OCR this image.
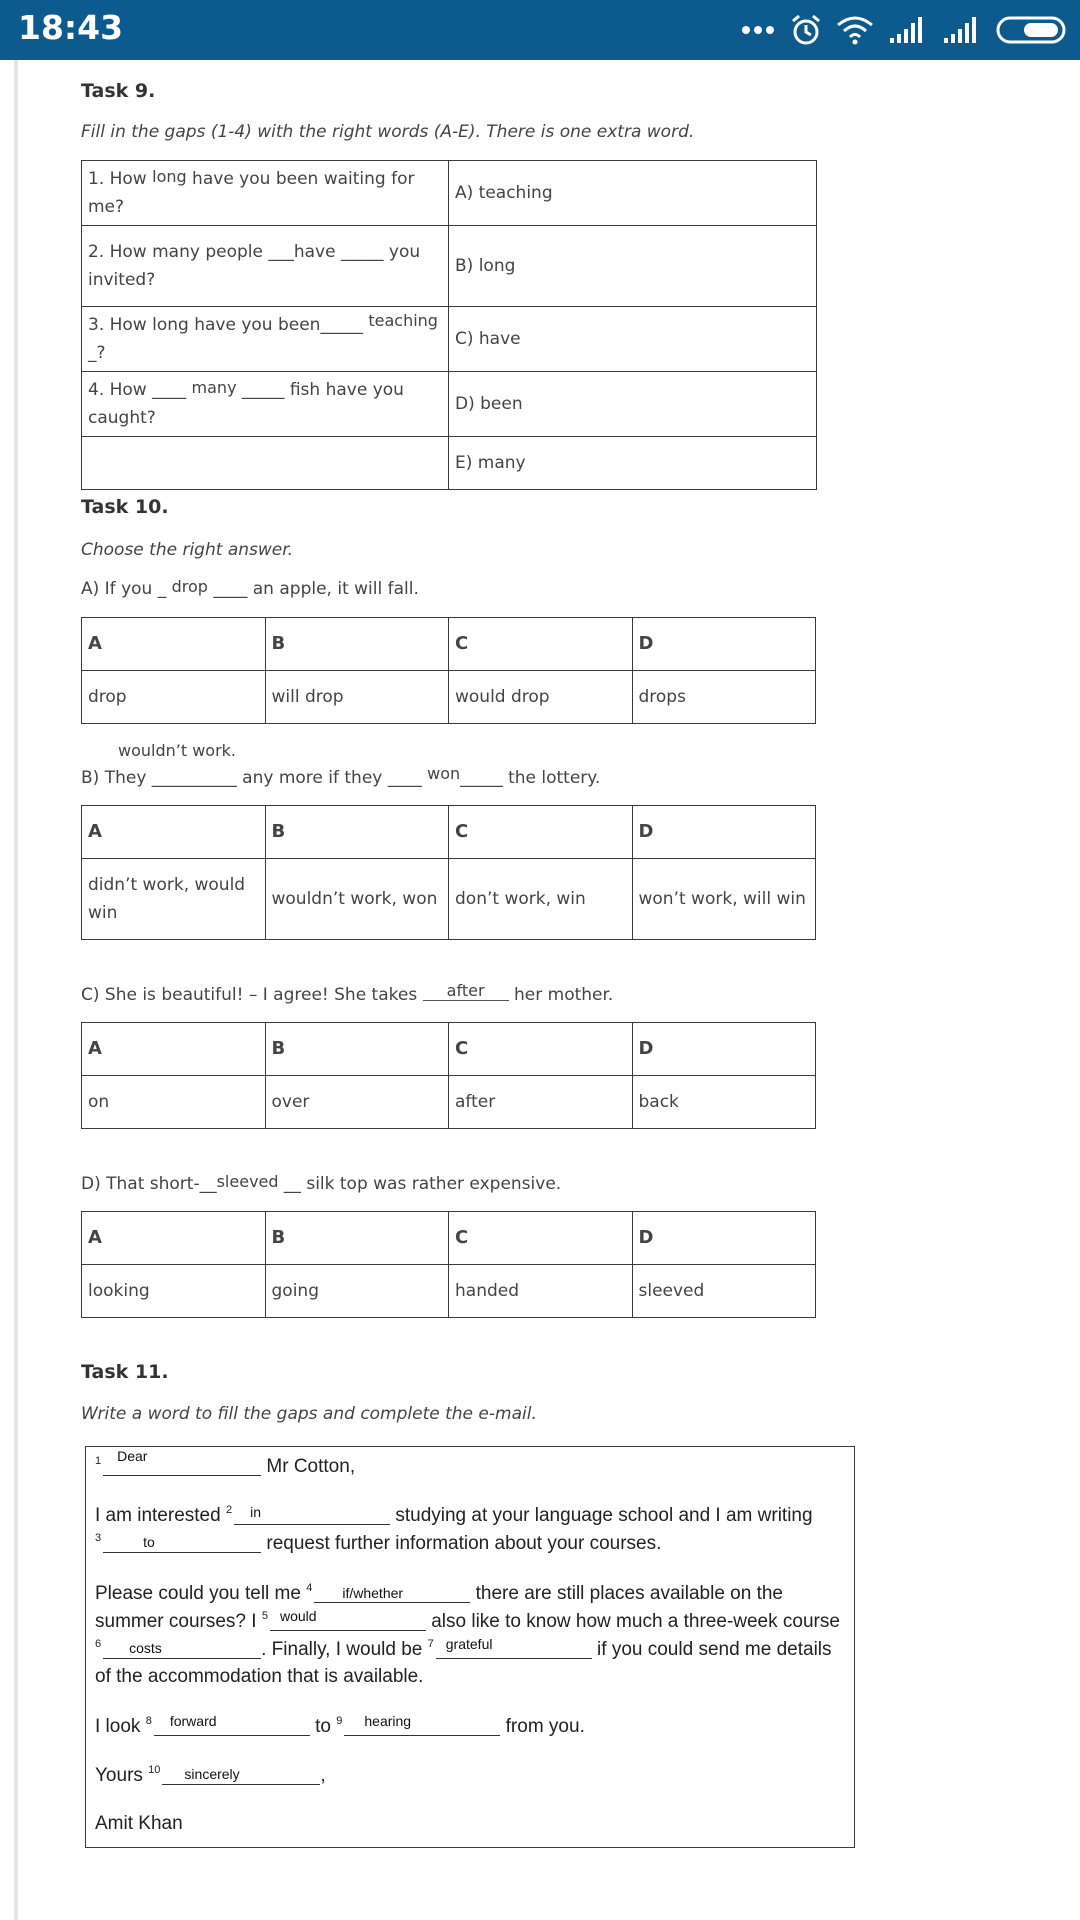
18:43
Task 9.
Fill in the gaps (1-4) with the right words (A-E). There is one extra word.
1. How long have you been waiting for me?	A) teaching

2. How many people ___have _____ you
invited?	B) long
3. How long have you been_____ teaching _?	C) have
4. How ____ many _____ fish have you caught?	D) been
	E) many
Task 10.
Choose the right answer.
A) If you _ drop ____ an apple, it will fall.
A	B	C	D
drop	will drop	would drop	drops
wouldn’t work.
B) They __________ any more if they ____ won_____ the lottery.
A	B	C	D
didn’t work, would win	wouldn’t work, won	don’t work, win	won’t work, will win
C) She is beautiful! – I agree! She takes after her mother.
A	B	C	D
on	over	after	back
D) That short-__sleeved __ silk top was rather expensive.
A	B	C	D
looking	going	handed	sleeved
Task 11.
Write a word to fill the gaps and complete the e-mail.
$^1$ Dear	Mr Cotton,
I am interested $^2$ in	studying at your language school and I am writing
$^3$	to	request further information about your courses.
Please could you tell me $^4$ if/whether	there are still places available on the
summer courses? I $^5$ would	also like to know how much a three-week course
$^6$ costs	. Finally, I would be $^7$ grateful	if you could send me details
of the accommodation that is available.
I look $^8$ forward	to $^9$ hearing	from you.
Yours $^{10}$ sincerely	,
Amit Khan
